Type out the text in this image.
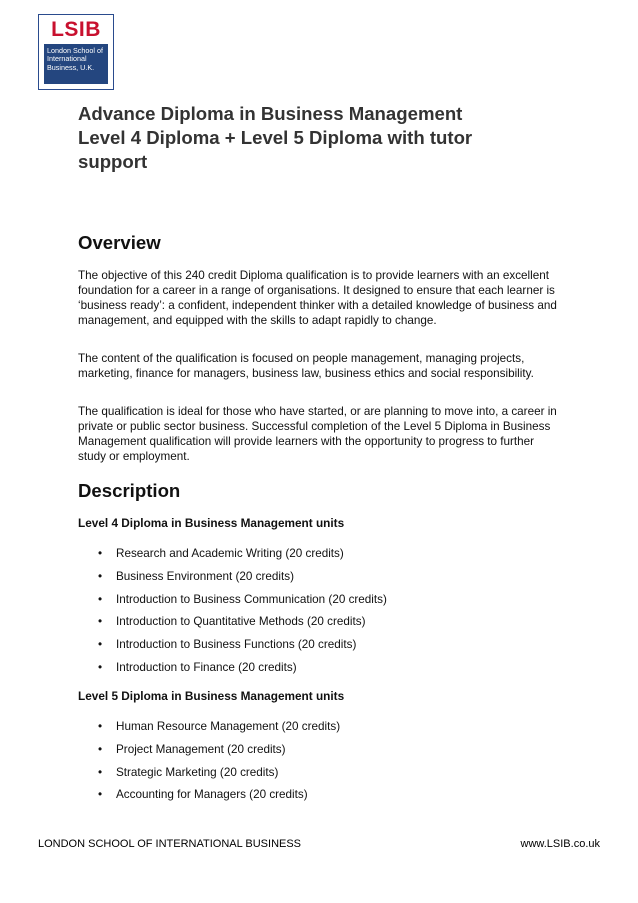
LSIB
London School of
International
Business, U.K.
Advance Diploma in Business Management
Level 4 Diploma + Level 5 Diploma with tutor
support
Overview

The objective of this 240 credit Diploma qualification is to provide learners with an excellent foundation for a career in a range of organisations. It designed to ensure that each learner is ‘business ready’: a confident, independent thinker with a detailed knowledge of business and management, and equipped with the skills to adapt rapidly to change.

The content of the qualification is focused on people management, managing projects, marketing, finance for managers, business law, business ethics and social responsibility.

The qualification is ideal for those who have started, or are planning to move into, a career in private or public sector business. Successful completion of the Level 5 Diploma in Business Management qualification will provide learners with the opportunity to progress to further study or employment.

Description

Level 4 Diploma in Business Management units

• Research and Academic Writing (20 credits)
• Business Environment (20 credits)
• Introduction to Business Communication (20 credits)
• Introduction to Quantitative Methods (20 credits)
• Introduction to Business Functions (20 credits)
• Introduction to Finance (20 credits)

Level 5 Diploma in Business Management units

• Human Resource Management (20 credits)
• Project Management (20 credits)
• Strategic Marketing (20 credits)
• Accounting for Managers (20 credits)
LONDON SCHOOL OF INTERNATIONAL BUSINESS	www.LSIB.co.uk
